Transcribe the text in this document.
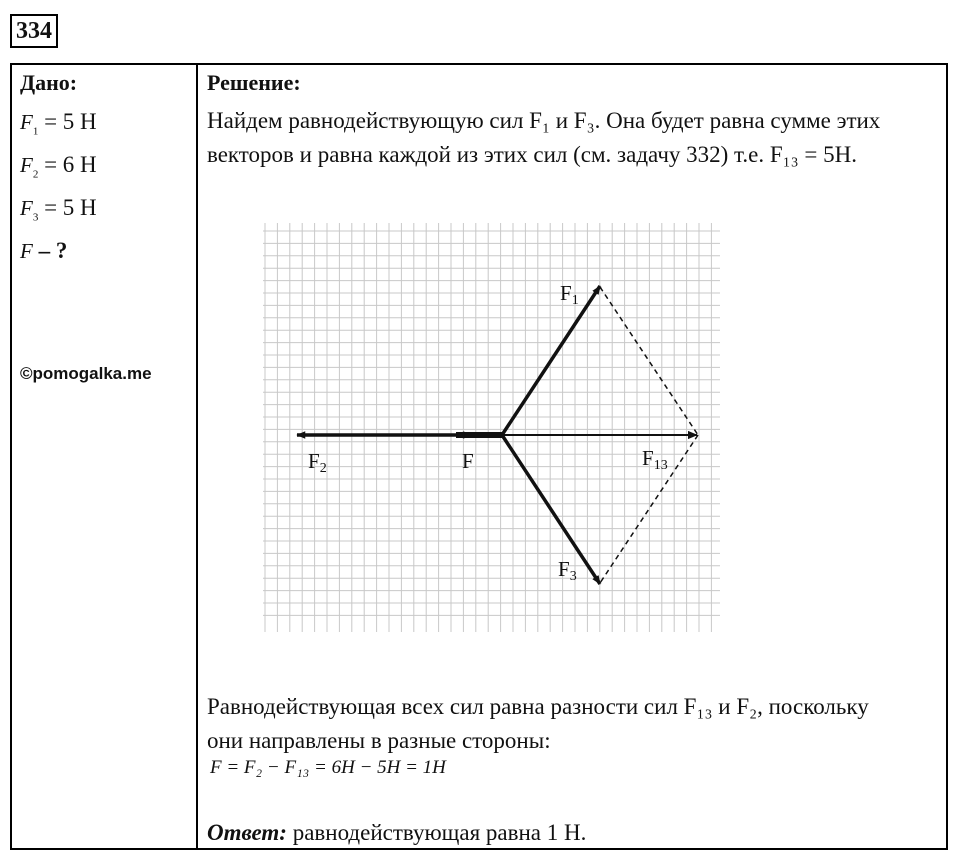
334
Дано:
$F_1 = 5$ Н
$F_2 = 6$ Н
$F_3 = 5$ Н
F – ?
©pomogalka.me
Решение:
Найдем равнодействующую сил F₁ и F₃. Она будет равна сумме этих векторов и равна каждой из этих сил (см. задачу 332) т.е. F₁₃ = 5Н.
F1
F2	F	F13
F3
Равнодействующая всех сил равна разности сил F₁₃ и F₂, поскольку они направлены в разные стороны:
F = F₂ − F₁₃ = 6H − 5H = 1H
Ответ: равнодействующая равна 1 Н.
